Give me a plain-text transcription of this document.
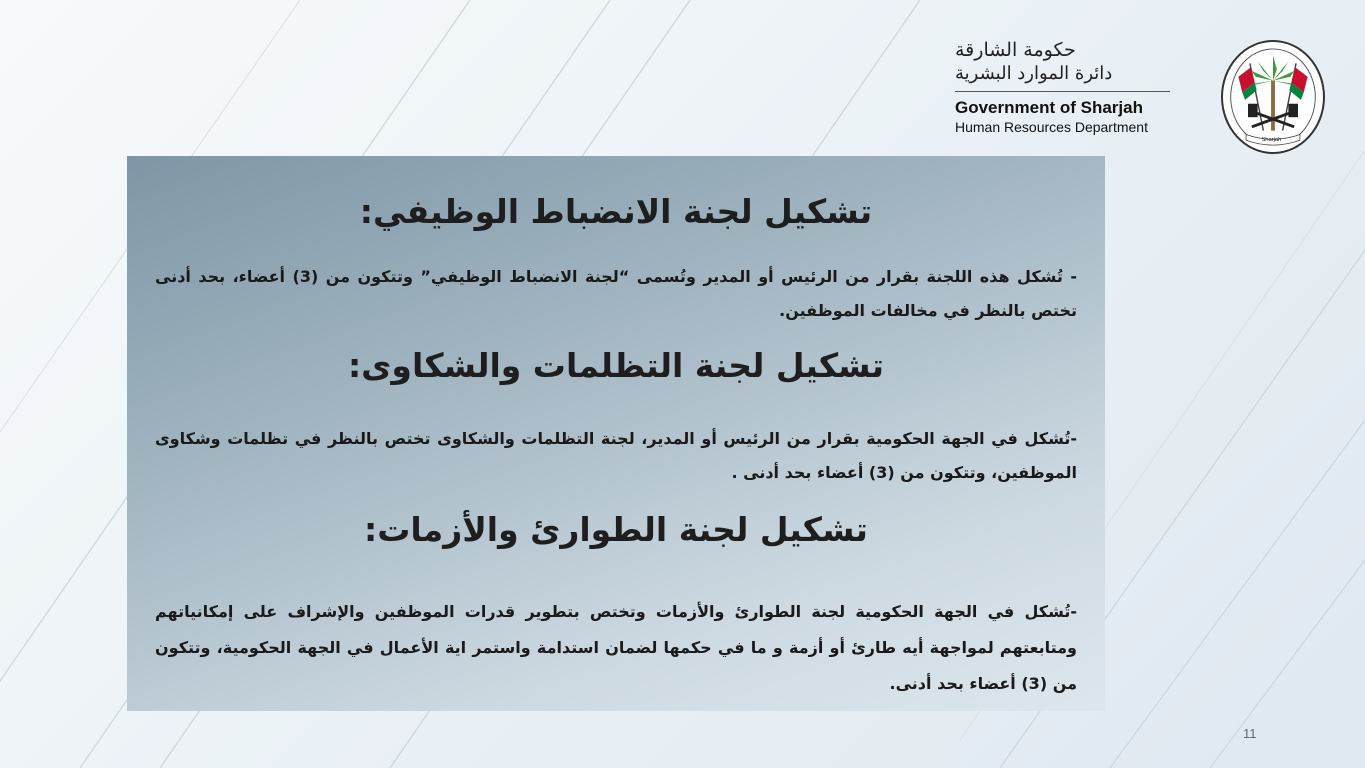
حكومة الشارقة
دائرة الموارد البشرية
Government of Sharjah
Human Resources Department
Sharjah
تشكيل لجنة الانضباط الوظيفي:

- تُشكل هذه اللجنة بقرار من الرئيس أو المدير وتُسمى “لجنة الانضباط الوظيفي” وتتكون من (3) أعضاء، بحد أدنى تختص بالنظر في مخالفات الموظفين.

تشكيل لجنة التظلمات والشكاوى:

-تُشكل في الجهة الحكومية بقرار من الرئيس أو المدير، لجنة التظلمات والشكاوى تختص بالنظر في تظلمات وشكاوى الموظفين، وتتكون من (3) أعضاء بحد أدنى .

تشكيل لجنة الطوارئ والأزمات:

-تُشكل في الجهة الحكومية لجنة الطوارئ والأزمات وتختص بتطوير قدرات الموظفين والإشراف على إمكانياتهم ومتابعتهم لمواجهة أيه طارئ أو أزمة و ما في حكمها لضمان استدامة واستمر اية الأعمال في الجهة الحكومية، وتتكون من (3) أعضاء بحد أدنى.

11
